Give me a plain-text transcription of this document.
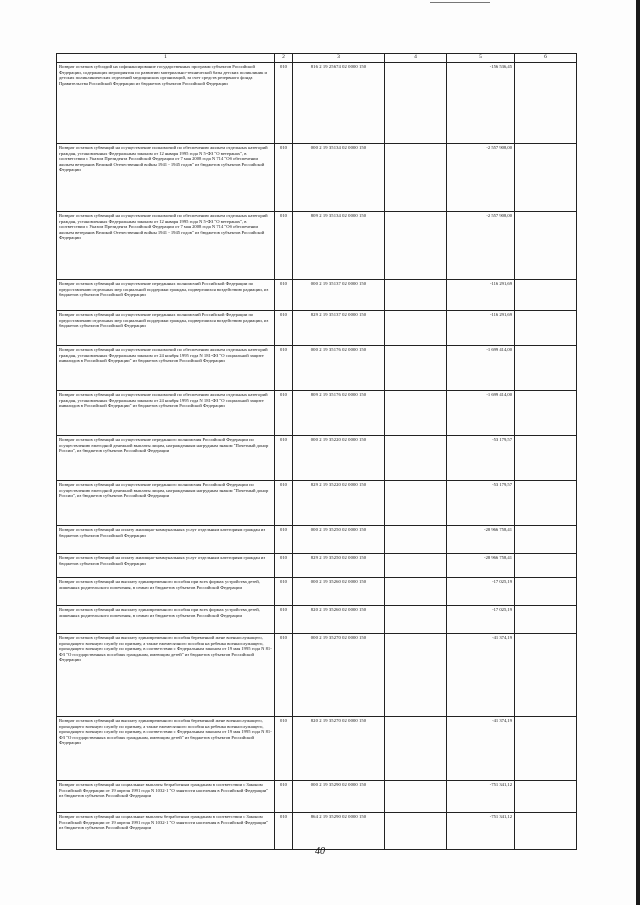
1	2	3	4	5	6
Возврат остатков субсидий на софинансирование государственных программ субъектов Российской Федерации, содержащих мероприятия по развитию материально-технической базы детских поликлиник и детских поликлинических отделений медицинских организаций, за счет средств резервного фонда Правительства Российской Федерации из бюджетов субъектов Российской Федерации	010	816 2 19 25674 02 0000 150		-156 536,45	
Возврат остатков субвенций на осуществление полномочий по обеспечению жильем отдельных категорий граждан, установленных Федеральным законом от 12 января 1995 года N 5-ФЗ "О ветеранах", в соответствии с Указом Президента Российской Федерации от 7 мая 2008 года N 714 "Об обеспечении жильем ветеранов Великой Отечественной войны 1941 - 1945 годов" из бюджетов субъектов Российской Федерации	010	000 2 19 35134 02 0000 150		-2 557 908,00	
Возврат остатков субвенций на осуществление полномочий по обеспечению жильем отдельных категорий граждан, установленных Федеральным законом от 12 января 1995 года N 5-ФЗ "О ветеранах", в соответствии с Указом Президента Российской Федерации от 7 мая 2008 года N 714 "Об обеспечении жильем ветеранов Великой Отечественной войны 1941 - 1945 годов" из бюджетов субъектов Российской Федерации	010	809 2 19 35134 02 0000 150		-2 557 908,00	
Возврат остатков субвенций на осуществление переданных полномочий Российской Федерации по предоставлению отдельных мер социальной поддержки граждан, подвергшихся воздействию радиации, из бюджетов субъектов Российской Федерации	010	000 2 19 35137 02 0000 150		-116 291,69	
Возврат остатков субвенций на осуществление переданных полномочий Российской Федерации по предоставлению отдельных мер социальной поддержки граждан, подвергшихся воздействию радиации, из бюджетов субъектов Российской Федерации	010	829 2 19 35137 02 0000 150		-116 291,69	
Возврат остатков субвенций на осуществление полномочий по обеспечению жильем отдельных категорий граждан, установленных Федеральным законом от 24 ноября 1995 года N 181-ФЗ "О социальной защите инвалидов в Российской Федерации" из бюджетов субъектов Российской Федерации	010	000 2 19 35176 02 0000 150		-1 699 414,00	
Возврат остатков субвенций на осуществление полномочий по обеспечению жильем отдельных категорий граждан, установленных Федеральным законом от 24 ноября 1995 года N 181-ФЗ "О социальной защите инвалидов в Российской Федерации" из бюджетов субъектов Российской Федерации	010	809 2 19 35176 02 0000 150		-1 699 414,00	
Возврат остатков субвенций на осуществление переданного полномочия Российской Федерации по осуществлению ежегодной денежной выплаты лицам, награжденным нагрудным знаком "Почетный донор России", из бюджетов субъектов Российской Федерации	010	000 2 19 35220 02 0000 150		-53 179,57	
Возврат остатков субвенций на осуществление переданного полномочия Российской Федерации по осуществлению ежегодной денежной выплаты лицам, награжденным нагрудным знаком "Почетный донор России", из бюджетов субъектов Российской Федерации	010	829 2 19 35220 02 0000 150		-53 179,57	
Возврат остатков субвенций на оплату жилищно-коммунальных услуг отдельным категориям граждан из бюджетов субъектов Российской Федерации	010	000 2 19 35250 02 0000 150		-28 966 758,41	
Возврат остатков субвенций на оплату жилищно-коммунальных услуг отдельным категориям граждан из бюджетов субъектов Российской Федерации	010	829 2 19 35250 02 0000 150		-28 966 758,41	
Возврат остатков субвенций на выплату единовременного пособия при всех формах устройства детей, лишенных родительского попечения, в семью из бюджетов субъектов Российской Федерации	010	000 2 19 35260 02 0000 150		-17 025,19	
Возврат остатков субвенций на выплату единовременного пособия при всех формах устройства детей, лишенных родительского попечения, в семью из бюджетов субъектов Российской Федерации	010	820 2 19 35260 02 0000 150		-17 025,19	
Возврат остатков субвенций на выплату единовременного пособия беременной жене военнослужащего, проходящего военную службу по призыву, а также ежемесячного пособия на ребенка военнослужащего, проходящего военную службу по призыву, в соответствии с Федеральным законом от 19 мая 1995 года N 81-ФЗ "О государственных пособиях гражданам, имеющим детей" из бюджетов субъектов Российской Федерации	010	000 2 19 35270 02 0000 150		-41 374,19	
Возврат остатков субвенций на выплату единовременного пособия беременной жене военнослужащего, проходящего военную службу по призыву, а также ежемесячного пособия на ребенка военнослужащего, проходящего военную службу по призыву, в соответствии с Федеральным законом от 19 мая 1995 года N 81-ФЗ "О государственных пособиях гражданам, имеющим детей" из бюджетов субъектов Российской Федерации	010	820 2 19 35270 02 0000 150		-41 374,19	
Возврат остатков субвенций на социальные выплаты безработным гражданам в соответствии с Законом Российской Федерации от 19 апреля 1991 года N 1032-1 "О занятости населения в Российской Федерации" из бюджетов субъектов Российской Федерации	010	000 2 19 35290 02 0000 150		-751 341,12	
Возврат остатков субвенций на социальные выплаты безработным гражданам в соответствии с Законом Российской Федерации от 19 апреля 1991 года N 1032-1 "О занятости населения в Российской Федерации" из бюджетов субъектов Российской Федерации	010	864 2 19 35290 02 0000 150		-751 341,12	
40
